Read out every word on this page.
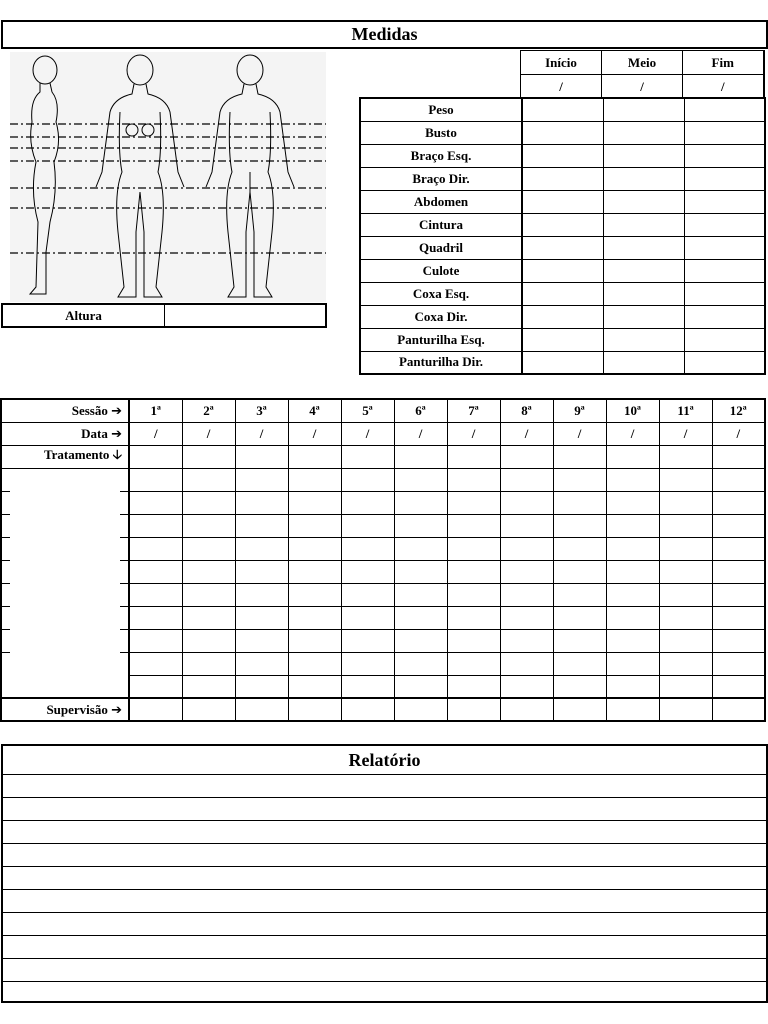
Medidas
Altura
Início	Meio	Fim
/	/	/
Peso			
Busto			
Braço Esq.			
Braço Dir.			
Abdomen			
Cintura			
Quadril			
Culote			
Coxa Esq.			
Coxa Dir.			
Panturilha Esq.			
Panturilha Dir.			
Sessão ➔	1ª	2ª	3ª	4ª	5ª	6ª	7ª	8ª	9ª	10ª	11ª	12ª
Data ➔	/	/	/	/	/	/	/	/	/	/	/	/
Tratamento 🡣												

Supervisão ➔												
Relatório
